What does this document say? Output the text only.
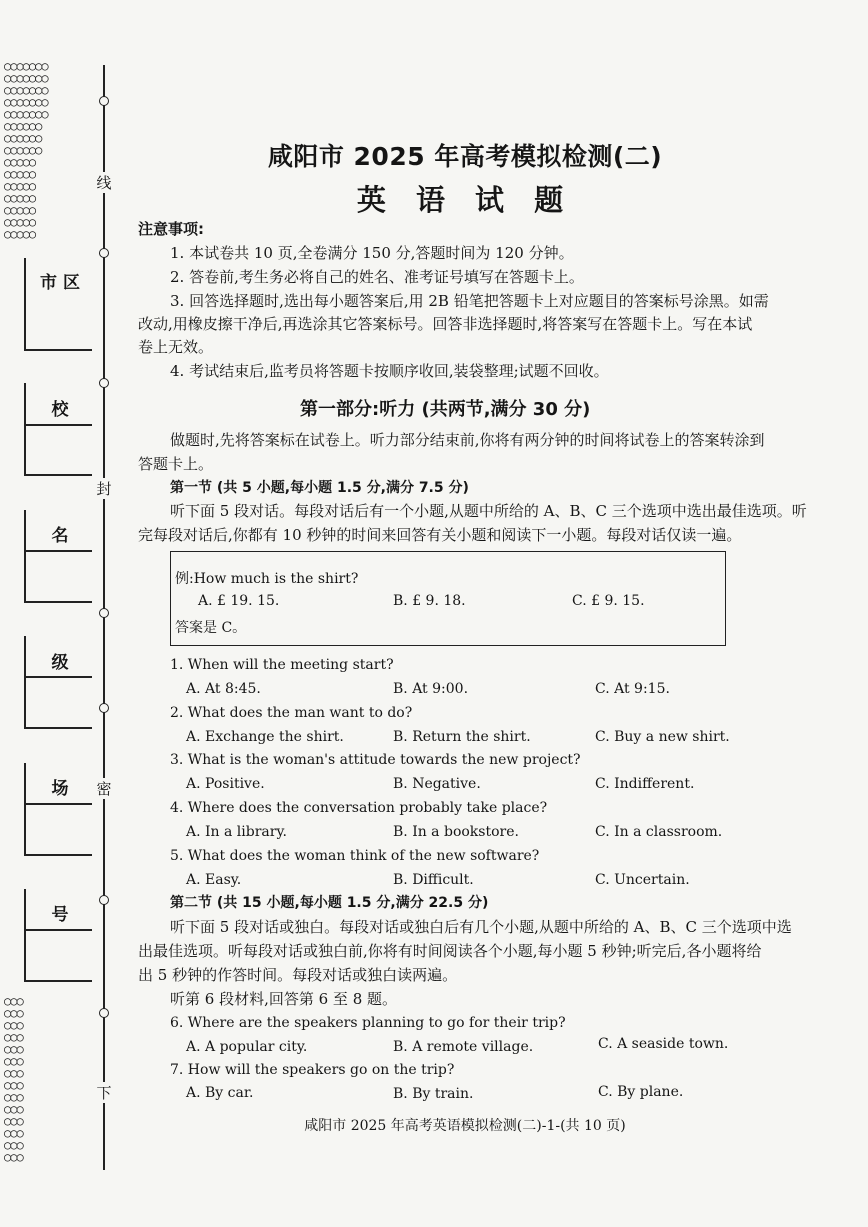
○○○○○○○
○○○○○○○
○○○○○○○
○○○○○○○
○○○○○○○
○○○○○○
○○○○○○
○○○○○○
○○○○○
○○○○○
○○○○○
○○○○○
○○○○○
○○○○○
○○○○○
○○○
○○○
○○○
○○○
○○○
○○○
○○○
○○○
○○○
○○○
○○○
○○○
○○○
○○○
线
封
密
下
市 区
校
名
级
场
号
咸阳市 2025 年高考模拟检测(二)
英 语 试 题
注意事项:
1. 本试卷共 10 页,全卷满分 150 分,答题时间为 120 分钟。
2. 答卷前,考生务必将自己的姓名、准考证号填写在答题卡上。
3. 回答选择题时,选出每小题答案后,用 2B 铅笔把答题卡上对应题目的答案标号涂黑。如需
改动,用橡皮擦干净后,再选涂其它答案标号。回答非选择题时,将答案写在答题卡上。写在本试
卷上无效。
4. 考试结束后,监考员将答题卡按顺序收回,装袋整理;试题不回收。
第一部分:听力 (共两节,满分 30 分)
做题时,先将答案标在试卷上。听力部分结束前,你将有两分钟的时间将试卷上的答案转涂到
答题卡上。
第一节 (共 5 小题,每小题 1.5 分,满分 7.5 分)
听下面 5 段对话。每段对话后有一个小题,从题中所给的 A、B、C 三个选项中选出最佳选项。听
完每段对话后,你都有 10 秒钟的时间来回答有关小题和阅读下一小题。每段对话仅读一遍。
例:How much is the shirt?
A. £ 19. 15.	B. £ 9. 18.	C. £ 9. 15.
答案是 C。
1. When will the meeting start?
A. At 8:45.	B. At 9:00.	C. At 9:15.
2. What does the man want to do?
A. Exchange the shirt.	B. Return the shirt.	C. Buy a new shirt.
3. What is the woman's attitude towards the new project?
A. Positive.	B. Negative.	C. Indifferent.
4. Where does the conversation probably take place?
A. In a library.	B. In a bookstore.	C. In a classroom.
5. What does the woman think of the new software?
A. Easy.	B. Difficult.	C. Uncertain.
第二节 (共 15 小题,每小题 1.5 分,满分 22.5 分)
听下面 5 段对话或独白。每段对话或独白后有几个小题,从题中所给的 A、B、C 三个选项中选
出最佳选项。听每段对话或独白前,你将有时间阅读各个小题,每小题 5 秒钟;听完后,各小题将给
出 5 秒钟的作答时间。每段对话或独白读两遍。
听第 6 段材料,回答第 6 至 8 题。
6. Where are the speakers planning to go for their trip?
A. A popular city.	B. A remote village.	C. A seaside town.
7. How will the speakers go on the trip?
A. By car.	B. By train.	C. By plane.
咸阳市 2025 年高考英语模拟检测(二)-1-(共 10 页)
